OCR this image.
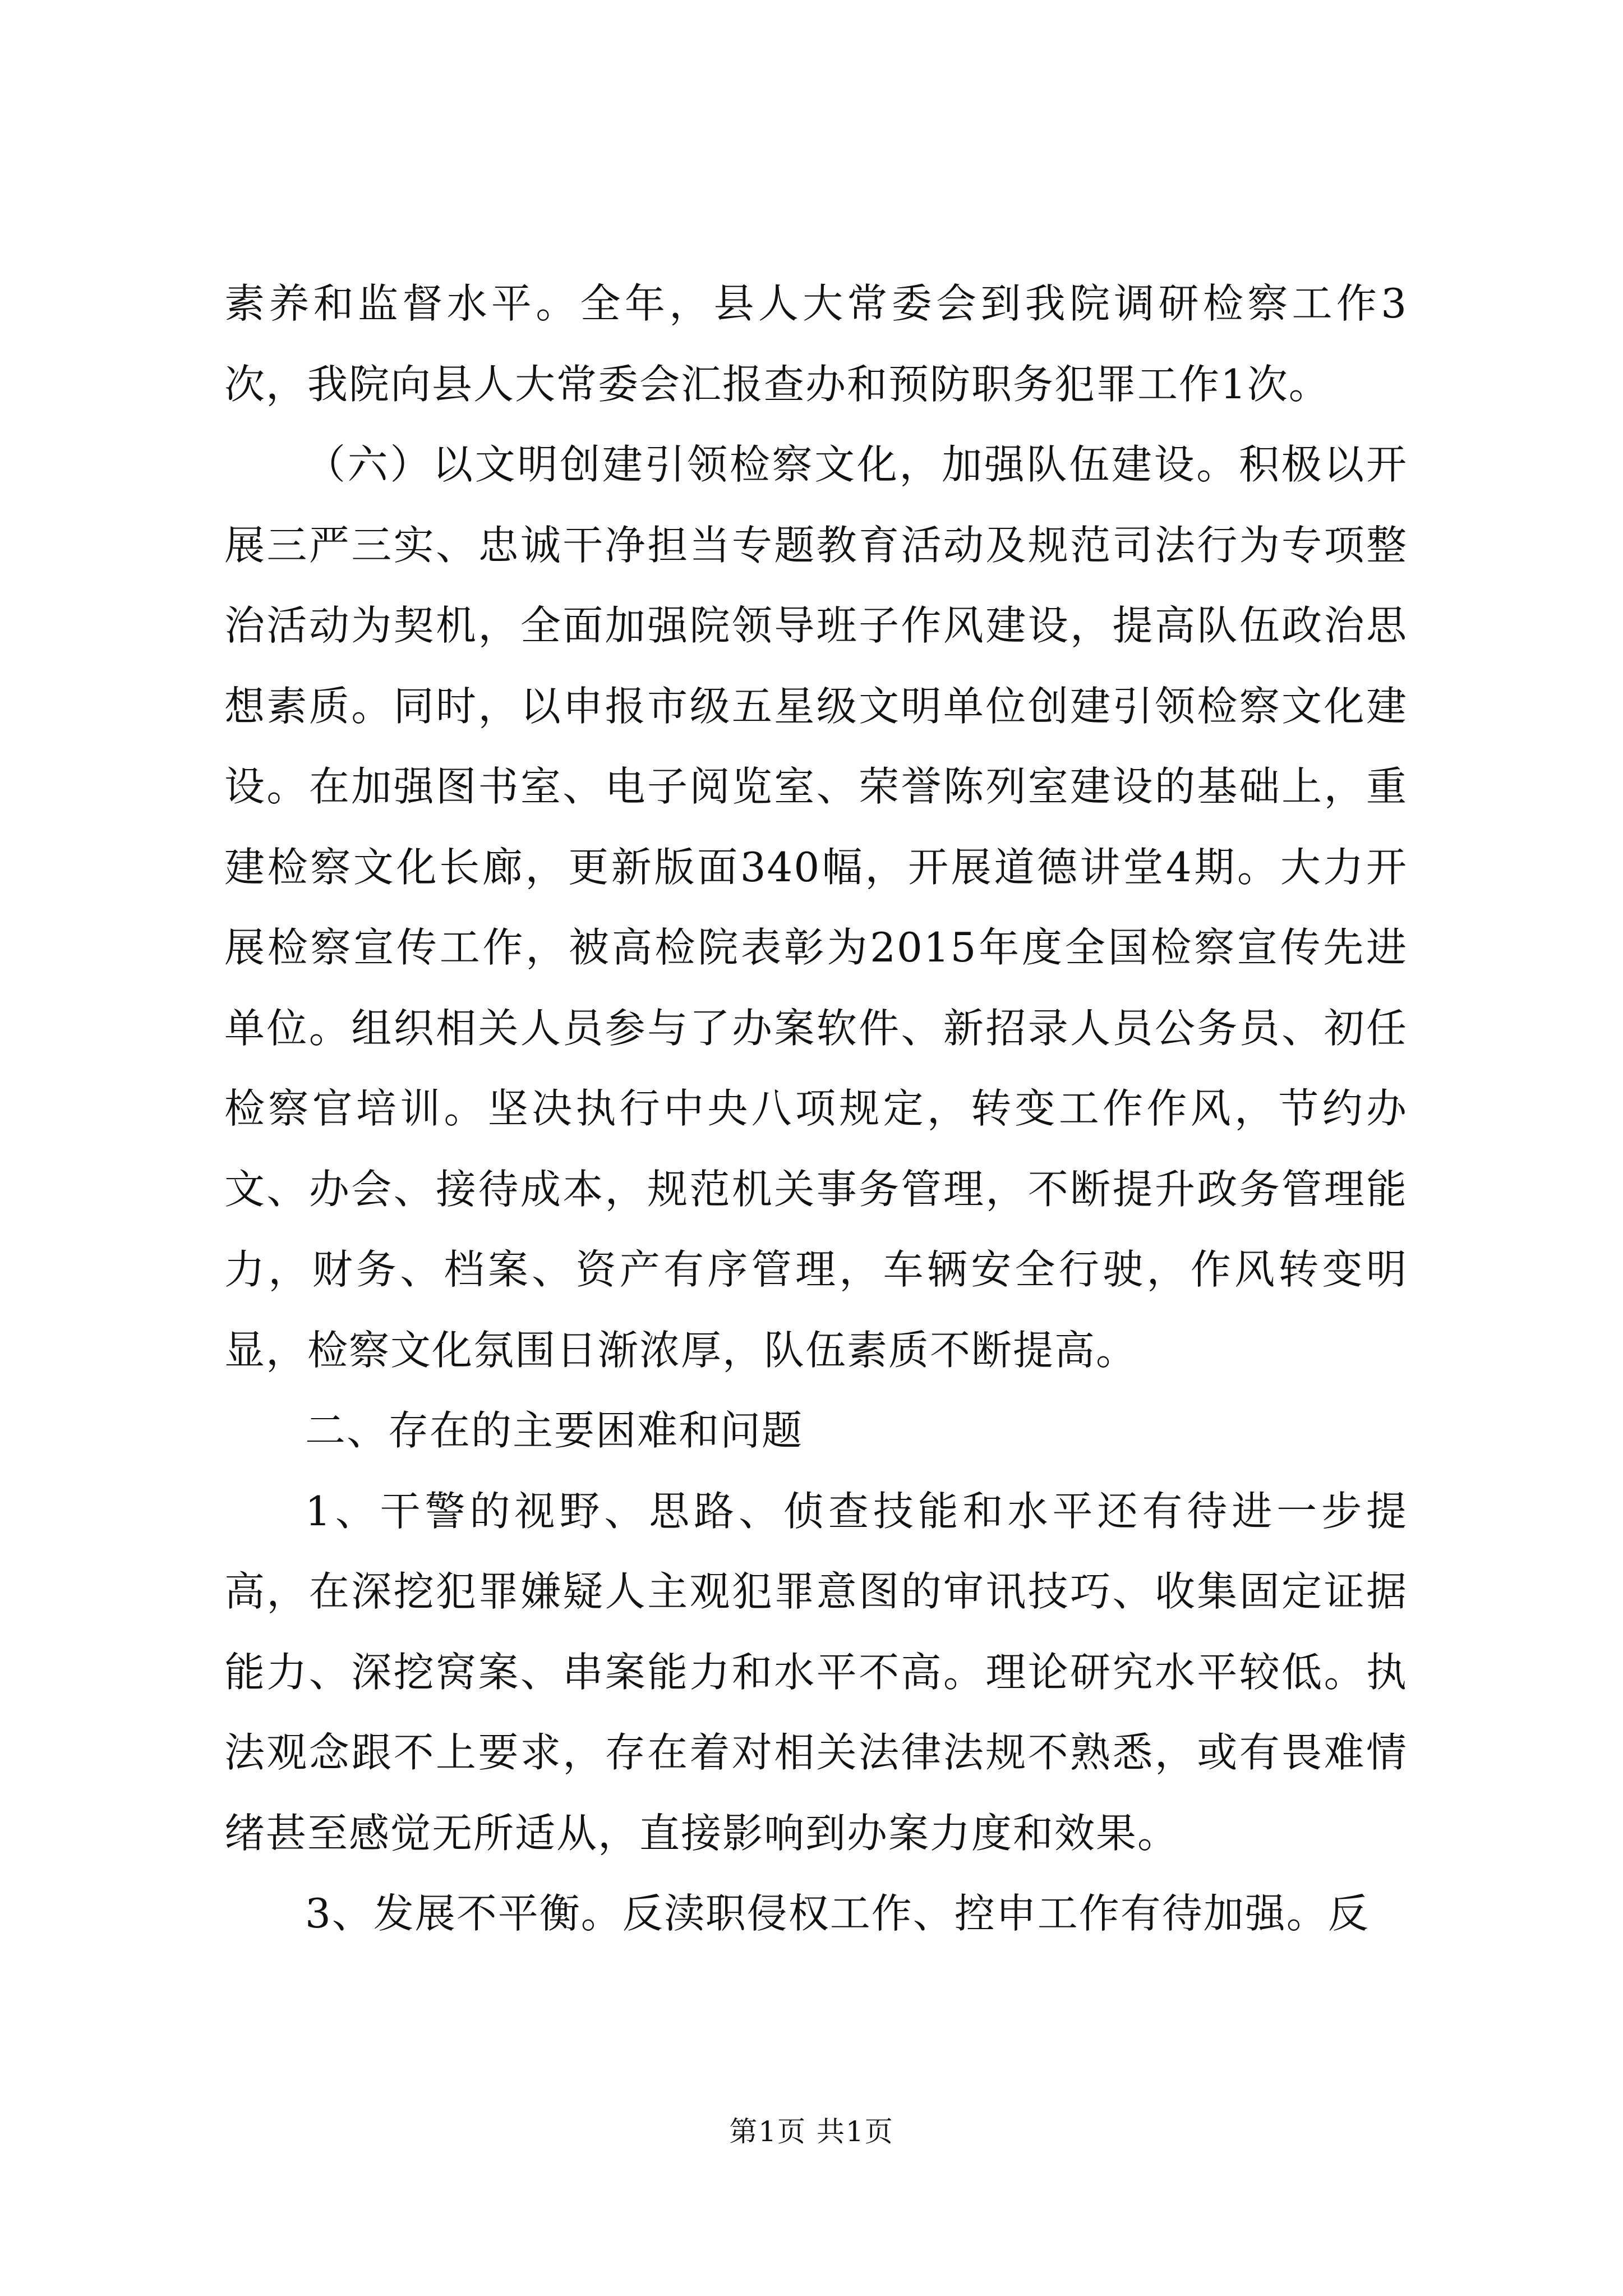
素养和监督水平。全年，县人大常委会到我院调研检察工作3次，我院向县人大常委会汇报查办和预防职务犯罪工作1次。

（六）以文明创建引领检察文化，加强队伍建设。积极以开展三严三实、忠诚干净担当专题教育活动及规范司法行为专项整治活动为契机，全面加强院领导班子作风建设，提高队伍政治思想素质。同时，以申报市级五星级文明单位创建引领检察文化建设。在加强图书室、电子阅览室、荣誉陈列室建设的基础上，重建检察文化长廊，更新版面340幅，开展道德讲堂4期。大力开展检察宣传工作，被高检院表彰为2015年度全国检察宣传先进单位。组织相关人员参与了办案软件、新招录人员公务员、初任检察官培训。坚决执行中央八项规定，转变工作作风，节约办文、办会、接待成本，规范机关事务管理，不断提升政务管理能力，财务、档案、资产有序管理，车辆安全行驶，作风转变明显，检察文化氛围日渐浓厚，队伍素质不断提高。

二、存在的主要困难和问题

1、干警的视野、思路、侦查技能和水平还有待进一步提高，在深挖犯罪嫌疑人主观犯罪意图的审讯技巧、收集固定证据能力、深挖窝案、串案能力和水平不高。理论研究水平较低。执法观念跟不上要求，存在着对相关法律法规不熟悉，或有畏难情绪甚至感觉无所适从，直接影响到办案力度和效果。

3、发展不平衡。反渎职侵权工作、控申工作有待加强。反

第1页 共1页
